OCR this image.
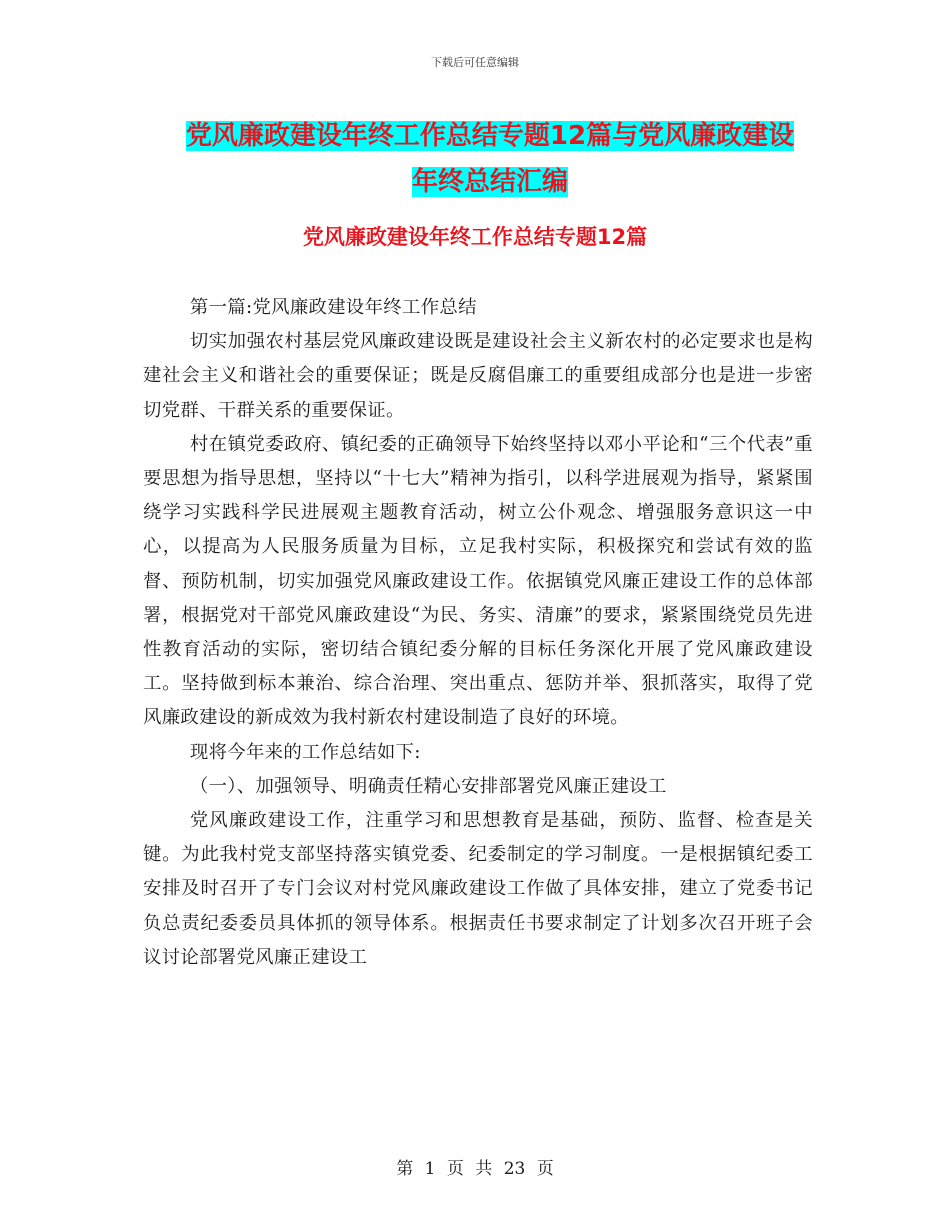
下载后可任意编辑
党风廉政建设年终工作总结专题12篇与党风廉政建设
年终总结汇编
党风廉政建设年终工作总结专题12篇

第一篇:党风廉政建设年终工作总结

切实加强农村基层党风廉政建设既是建设社会主义新农村的必定要求也是构建社会主义和谐社会的重要保证；既是反腐倡廉工的重要组成部分也是进一步密切党群、干群关系的重要保证。

村在镇党委政府、镇纪委的正确领导下始终坚持以邓小平论和“三个代表”重要思想为指导思想，坚持以“十七大”精神为指引，以科学进展观为指导，紧紧围绕学习实践科学民进展观主题教育活动，树立公仆观念、增强服务意识这一中心，以提高为人民服务质量为目标，立足我村实际，积极探究和尝试有效的监督、预防机制，切实加强党风廉政建设工作。依据镇党风廉正建设工作的总体部署，根据党对干部党风廉政建设“为民、务实、清廉”的要求，紧紧围绕党员先进性教育活动的实际，密切结合镇纪委分解的目标任务深化开展了党风廉政建设工。坚持做到标本兼治、综合治理、突出重点、惩防并举、狠抓落实，取得了党风廉政建设的新成效为我村新农村建设制造了良好的环境。

现将今年来的工作总结如下:

（一）、加强领导、明确责任精心安排部署党风廉正建设工

党风廉政建设工作，注重学习和思想教育是基础，预防、监督、检查是关键。为此我村党支部坚持落实镇党委、纪委制定的学习制度。一是根据镇纪委工安排及时召开了专门会议对村党风廉政建设工作做了具体安排，建立了党委书记负总责纪委委员具体抓的领导体系。根据责任书要求制定了计划多次召开班子会议讨论部署党风廉正建设工

第 1 页 共 23 页
